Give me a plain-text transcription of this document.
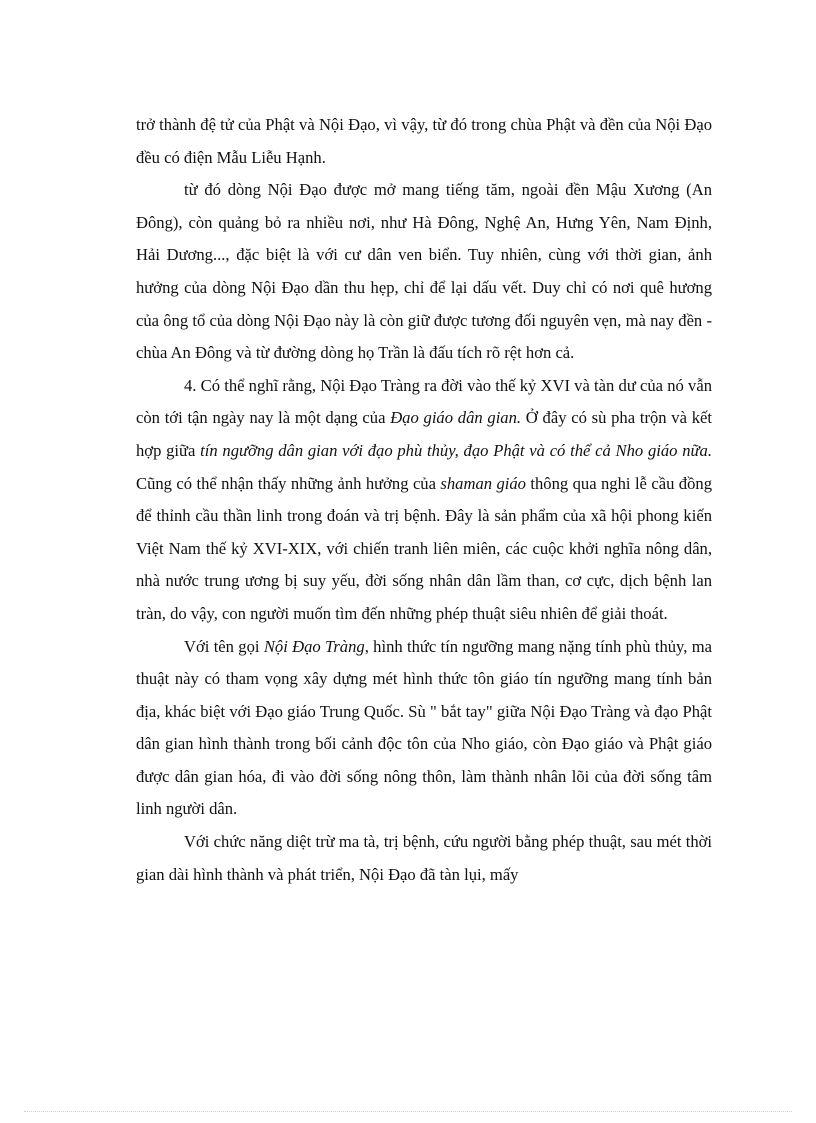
trở thành đệ tử của Phật và Nội Đạo, vì vậy, từ đó trong chùa Phật và đền của Nội Đạo đều có điện Mẫu Liễu Hạnh.

từ đó dòng Nội Đạo được mở mang tiếng tăm, ngoài đền Mậu Xương (An Đông), còn quảng bỏ ra nhiều nơi, như Hà Đông, Nghệ An, Hưng Yên, Nam Định, Hải Dương..., đặc biệt là với cư dân ven biển. Tuy nhiên, cùng với thời gian, ảnh hưởng của dòng Nội Đạo dần thu hẹp, chỉ để lại dấu vết. Duy chỉ có nơi quê hương của ông tổ của dòng Nội Đạo này là còn giữ được tương đối nguyên vẹn, mà nay đền - chùa An Đông và từ đường dòng họ Trần là đấu tích rõ rệt hơn cả.

4. Có thể nghĩ rằng, Nội Đạo Tràng ra đời vào thế kỷ XVI và tàn dư của nó vẫn còn tới tận ngày nay là một dạng của Đạo giáo dân gian. Ở đây có sù pha trộn và kết hợp giữa tín ngưỡng dân gian với đạo phù thủy, đạo Phật và có thể cả Nho giáo nữa. Cũng có thể nhận thấy những ảnh hưởng của shaman giáo thông qua nghi lễ cầu đồng để thỉnh cầu thần linh trong đoán và trị bệnh. Đây là sản phẩm của xã hội phong kiến Việt Nam thế kỷ XVI-XIX, với chiến tranh liên miên, các cuộc khởi nghĩa nông dân, nhà nước trung ương bị suy yếu, đời sống nhân dân lầm than, cơ cực, dịch bệnh lan tràn, do vậy, con người muốn tìm đến những phép thuật siêu nhiên để giải thoát.

Với tên gọi Nội Đạo Tràng, hình thức tín ngưỡng mang nặng tính phù thủy, ma thuật này có tham vọng xây dựng mét hình thức tôn giáo tín ngưỡng mang tính bản địa, khác biệt với Đạo giáo Trung Quốc. Sù " bắt tay" giữa Nội Đạo Tràng và đạo Phật dân gian hình thành trong bối cảnh độc tôn của Nho giáo, còn Đạo giáo và Phật giáo được dân gian hóa, đi vào đời sống nông thôn, làm thành nhân lõi của đời sống tâm linh người dân.

Với chức năng diệt trừ ma tà, trị bệnh, cứu người bằng phép thuật, sau mét thời gian dài hình thành và phát triển, Nội Đạo đã tàn lụi, mấy
